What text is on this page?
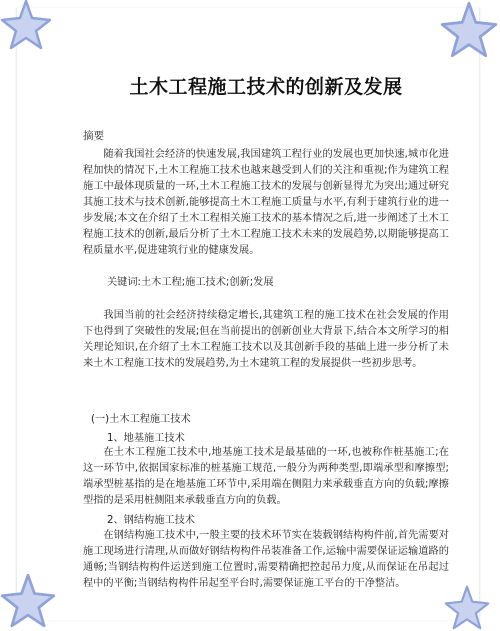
土木工程施工技术的创新及发展
摘要

随着我国社会经济的快速发展,我国建筑工程行业的发展也更加快速,城市化进程加快的情况下,土木工程施工技术也越来越受到人们的关注和重视;作为建筑工程施工中最体现质量的一环,土木工程施工技术的发展与创新显得尤为突出;通过研究其施工技术与技术创新,能够提高土木工程施工质量与水平,有利于建筑行业的进一步发展;本文在介绍了土木工程相关施工技术的基本情况之后,进一步阐述了土木工程施工技术的创新,最后分析了土木工程施工技术未来的发展趋势,以期能够提高工程质量水平,促进建筑行业的健康发展。

关键词:土木工程;施工技术;创新;发展

我国当前的社会经济持续稳定增长,其建筑工程的施工技术在社会发展的作用下也得到了突破性的发展;但在当前提出的创新创业大背景下,结合本文所学习的相关理论知识,在介绍了土木工程施工技术以及其创新手段的基础上进一步分析了未来土木工程施工技术的发展趋势,为土木建筑工程的发展提供一些初步思考。

(一)土木工程施工技术
1、地基施工技术

在土木工程施工技术中,地基施工技术是最基础的一环,也被称作桩基施工;在这一环节中,依据国家标准的桩基施工规范,一般分为两种类型,即端承型和摩擦型;端承型桩基指的是在地基施工环节中,采用端在侧阻力来承载垂直方向的负载;摩擦型指的是采用桩侧阻来承载垂直方向的负载。

2、钢结构施工技术

在钢结构施工技术中,一般主要的技术环节实在装载钢结构构件前,首先需要对施工现场进行清理,从而做好钢结构构件吊装准备工作,运输中需要保证运输道路的通畅;当钢结构构件运送到施工位置时,需要精确把控起吊力度,从而保证在吊起过程中的平衡;当钢结构构件吊起至平台时,需要保证施工平台的干净整洁。
